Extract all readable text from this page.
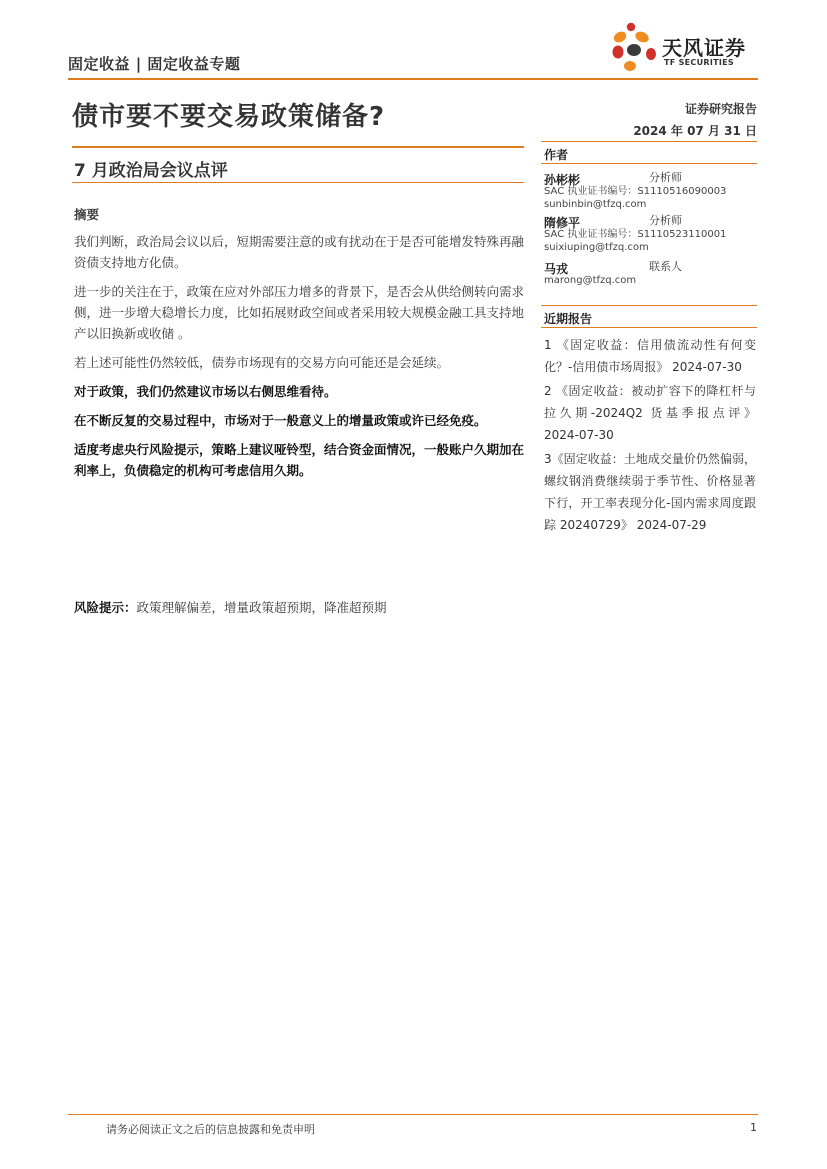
固定收益 | 固定收益专题
天风证券
TF SECURITIES
债市要不要交易政策储备?	证券研究报告
2024 年 07 月 31 日
7 月政治局会议点评
摘要

我们判断，政治局会议以后，短期需要注意的或有扰动在于是否可能增发特殊再融资债支持地方化债。

进一步的关注在于，政策在应对外部压力增多的背景下，是否会从供给侧转向需求侧，进一步增大稳增长力度，比如拓展财政空间或者采用较大规模金融工具支持地产以旧换新或收储 。

若上述可能性仍然较低，债券市场现有的交易方向可能还是会延续。

对于政策，我们仍然建议市场以右侧思维看待。

在不断反复的交易过程中，市场对于一般意义上的增量政策或许已经免疫。

适度考虑央行风险提示，策略上建议哑铃型，结合资金面情况，一般账户久期加在利率上，负债稳定的机构可考虑信用久期。

风险提示：政策理解偏差，增量政策超预期，降准超预期
作者
孙彬彬	分析师
SAC 执业证书编号：S1110516090003
sunbinbin@tfzq.com
隋修平	分析师
SAC 执业证书编号：S1110523110001
suixiuping@tfzq.com
马戎	联系人
marong@tfzq.com
近期报告
1 《固定收益：信用债流动性有何变化？-信用债市场周报》 2024-07-30
2 《固定收益：被动扩容下的降杠杆与拉久期-2024Q2 货基季报点评》 2024-07-30
3《固定收益：土地成交量价仍然偏弱，螺纹钢消费继续弱于季节性、价格显著下行，开工率表现分化-国内需求周度跟踪 20240729》 2024-07-29
请务必阅读正文之后的信息披露和免责申明	1
